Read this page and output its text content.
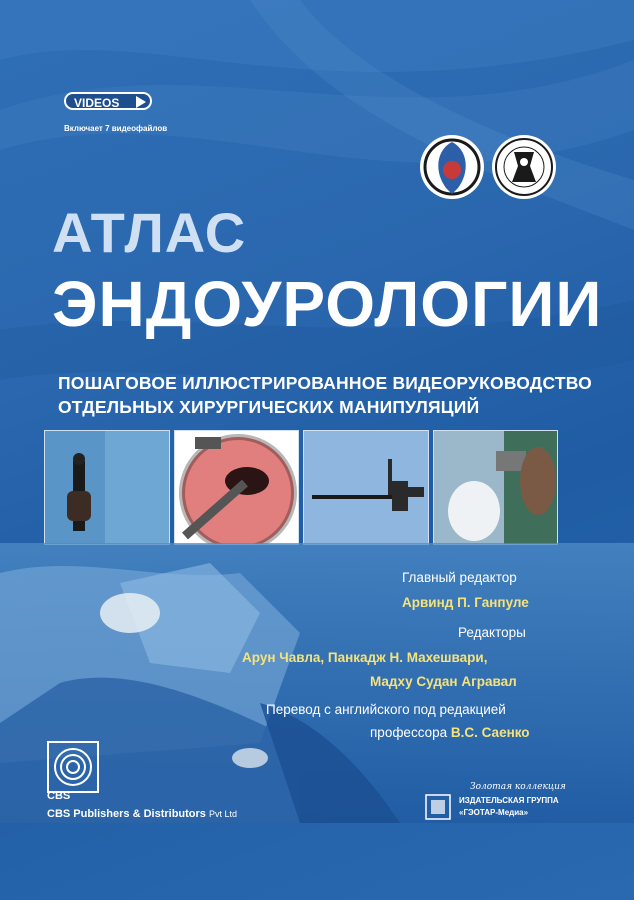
VIDEOS
Включает 7 видеофайлов
АТЛАС
ЭНДОУРОЛОГИИ
ПОШАГОВОЕ ИЛЛЮСТРИРОВАННОЕ ВИДЕОРУКОВОДСТВО
ОТДЕЛЬНЫХ ХИРУРГИЧЕСКИХ МАНИПУЛЯЦИЙ
Главный редактор
Арвинд П. Ганпуле
Редакторы
Арун Чавла, Панкадж Н. Махешвари,
Мадху Судан Агравал
Перевод с английского под редакцией
профессора В.С. Саенко
CBS
CBS Publishers & Distributors Pvt Ltd
Золотая коллекция
ИЗДАТЕЛЬСКАЯ ГРУППА
«ГЭОТАР-Медиа»
